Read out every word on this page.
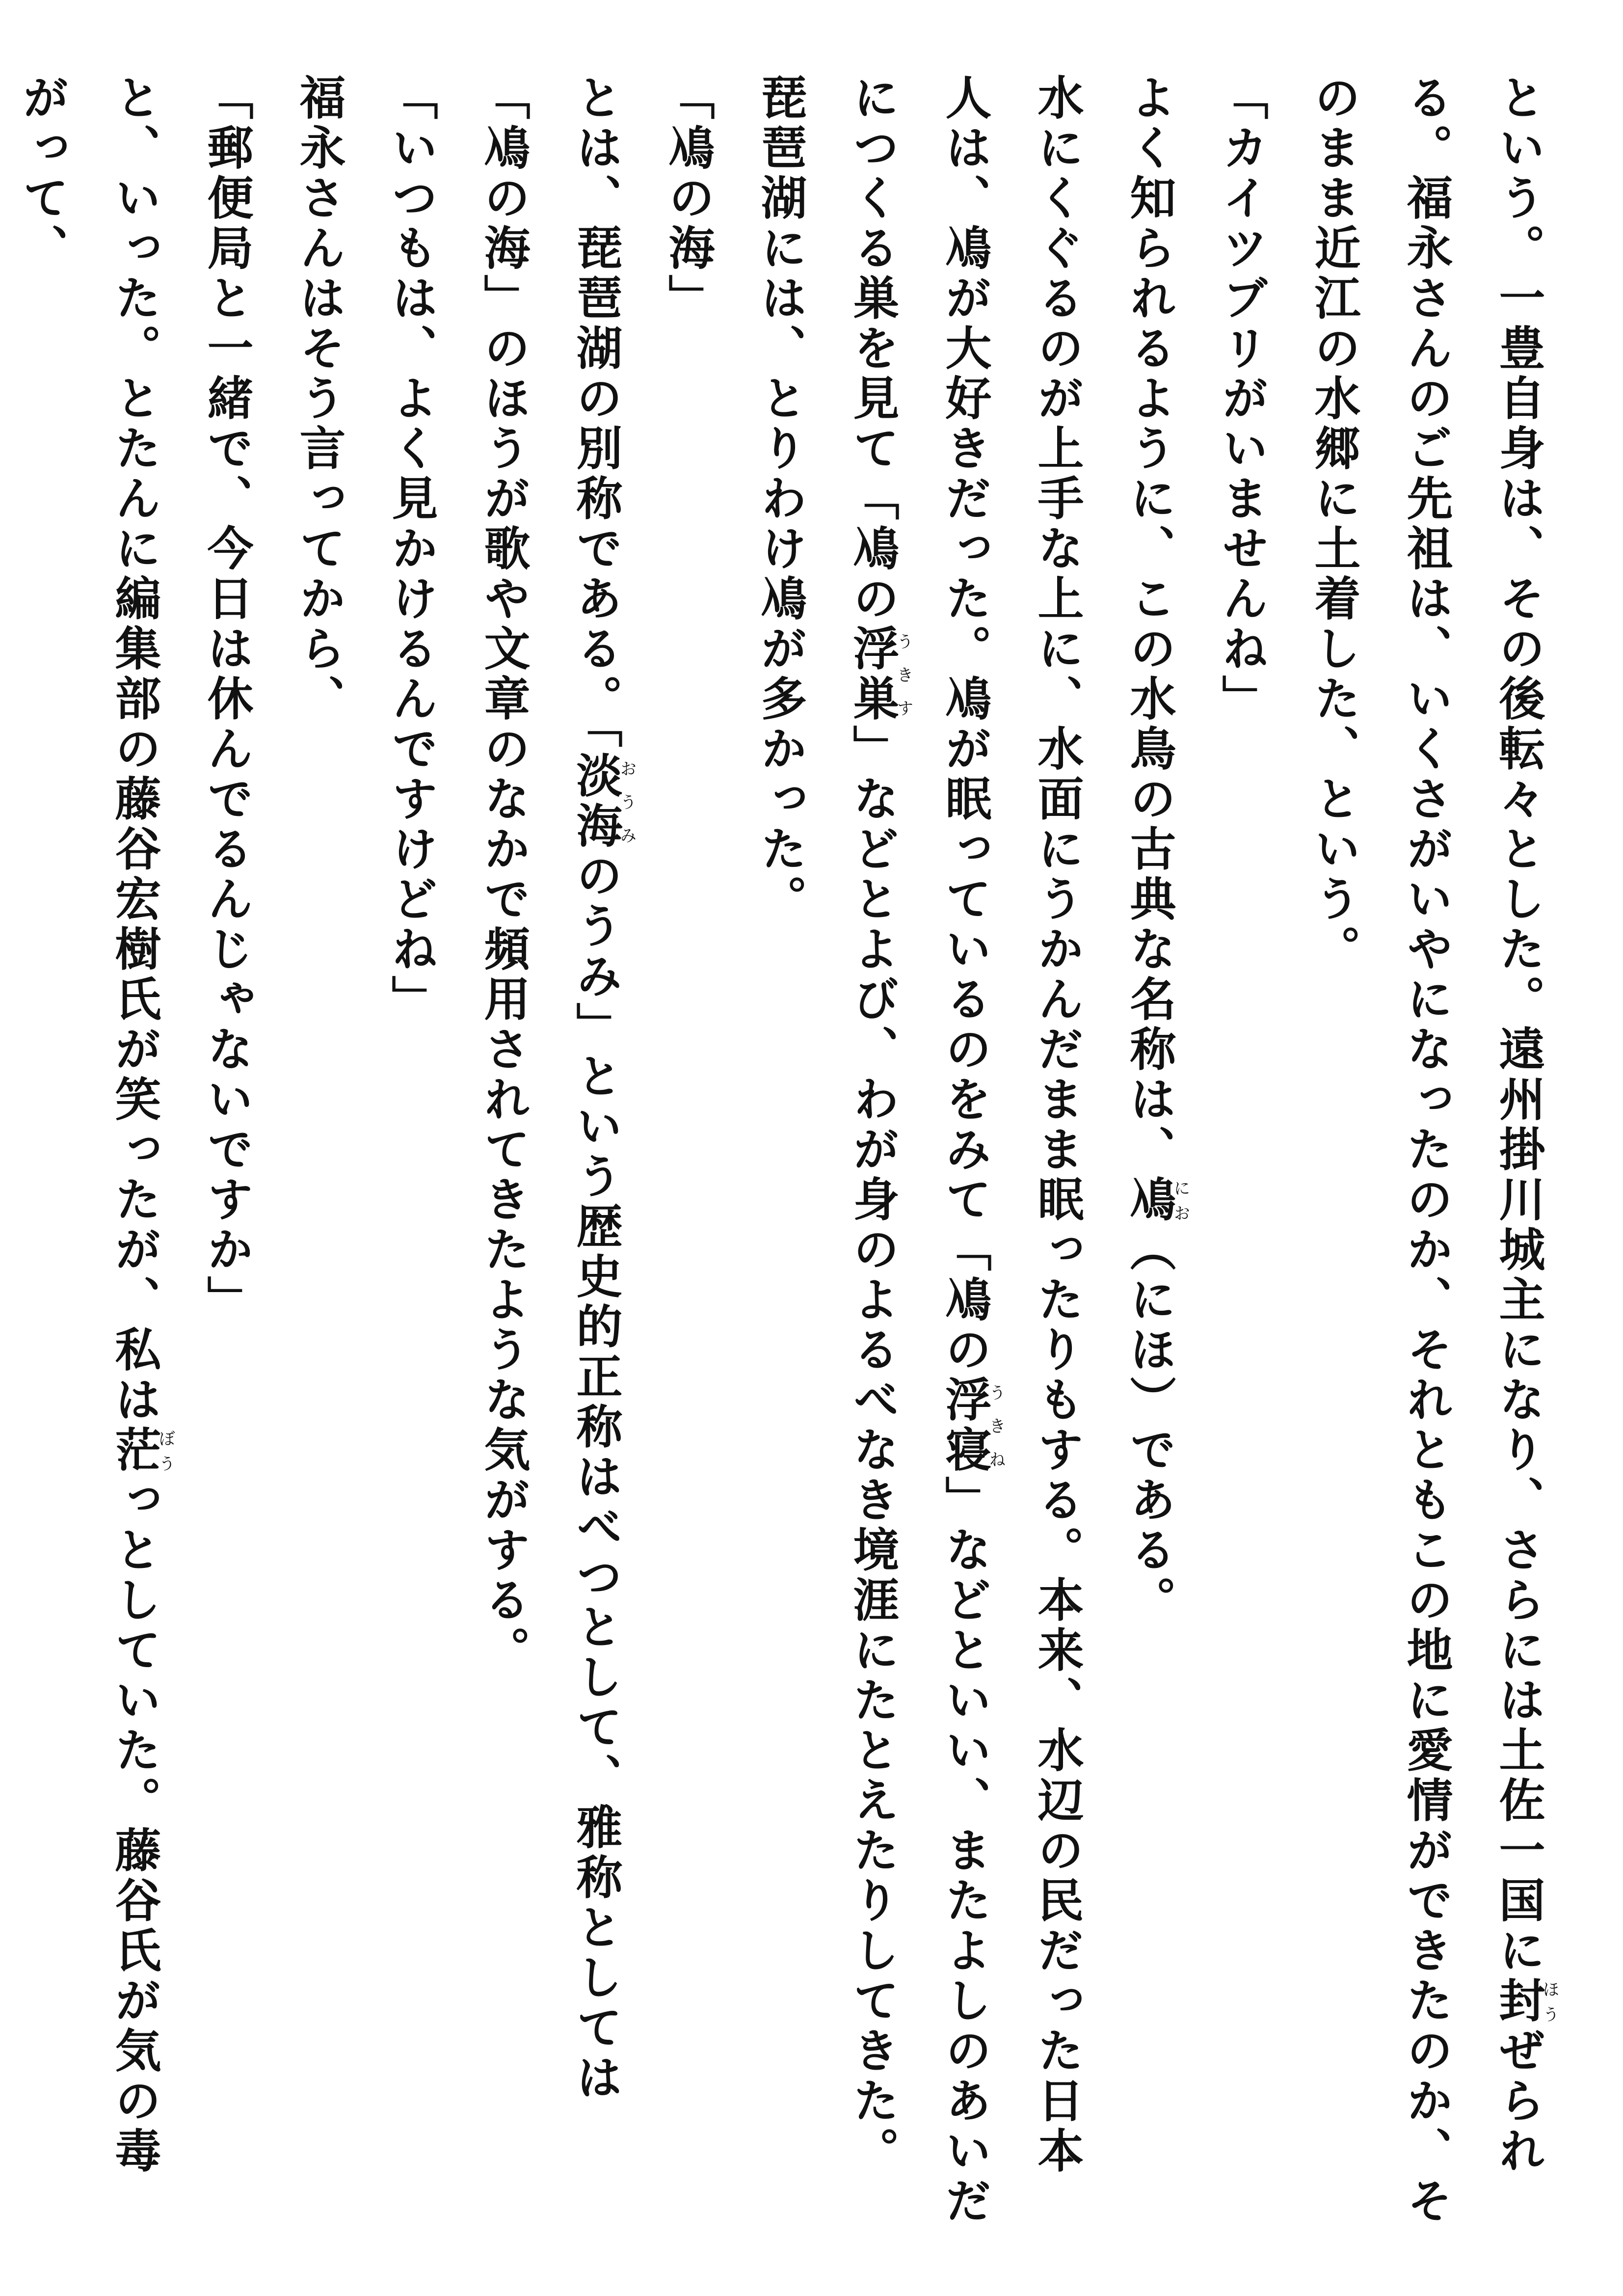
という。一豊自身は、その後転々とした。遠州掛川城主になり、さらには土佐一国に封ほうぜられ
る。福永さんのご先祖は、いくさがいやになったのか、それともこの地に愛情ができたのか、そ
のまま近江の水郷に土着した、という。
「カイツブリがいませんね」
よく知られるように、この水鳥の古典な名称は、鳰にお（にほ）である。
水にくぐるのが上手な上に、水面にうかんだまま眠ったりもする。本来、水辺の民だった日本
人は、鳰が大好きだった。鳰が眠っているのをみて「鳰の浮寝うきね」などといい、またよしのあいだ
につくる巣を見て「鳰の浮巣うきす」などとよび、わが身のよるべなき境涯にたとえたりしてきた。
琵琶湖には、とりわけ鳰が多かった。
「鳰の海」
とは、琵琶湖の別称である。「淡海おうみのうみ」という歴史的正称はべつとして、雅称としては
「鳰の海」のほうが歌や文章のなかで頻用されてきたような気がする。
「いつもは、よく見かけるんですけどね」
福永さんはそう言ってから、
「郵便局と一緒で、今日は休んでるんじゃないですか」
と、いった。とたんに編集部の藤谷宏樹氏が笑ったが、私は茫ぼうっとしていた。藤谷氏が気の毒
がって、
